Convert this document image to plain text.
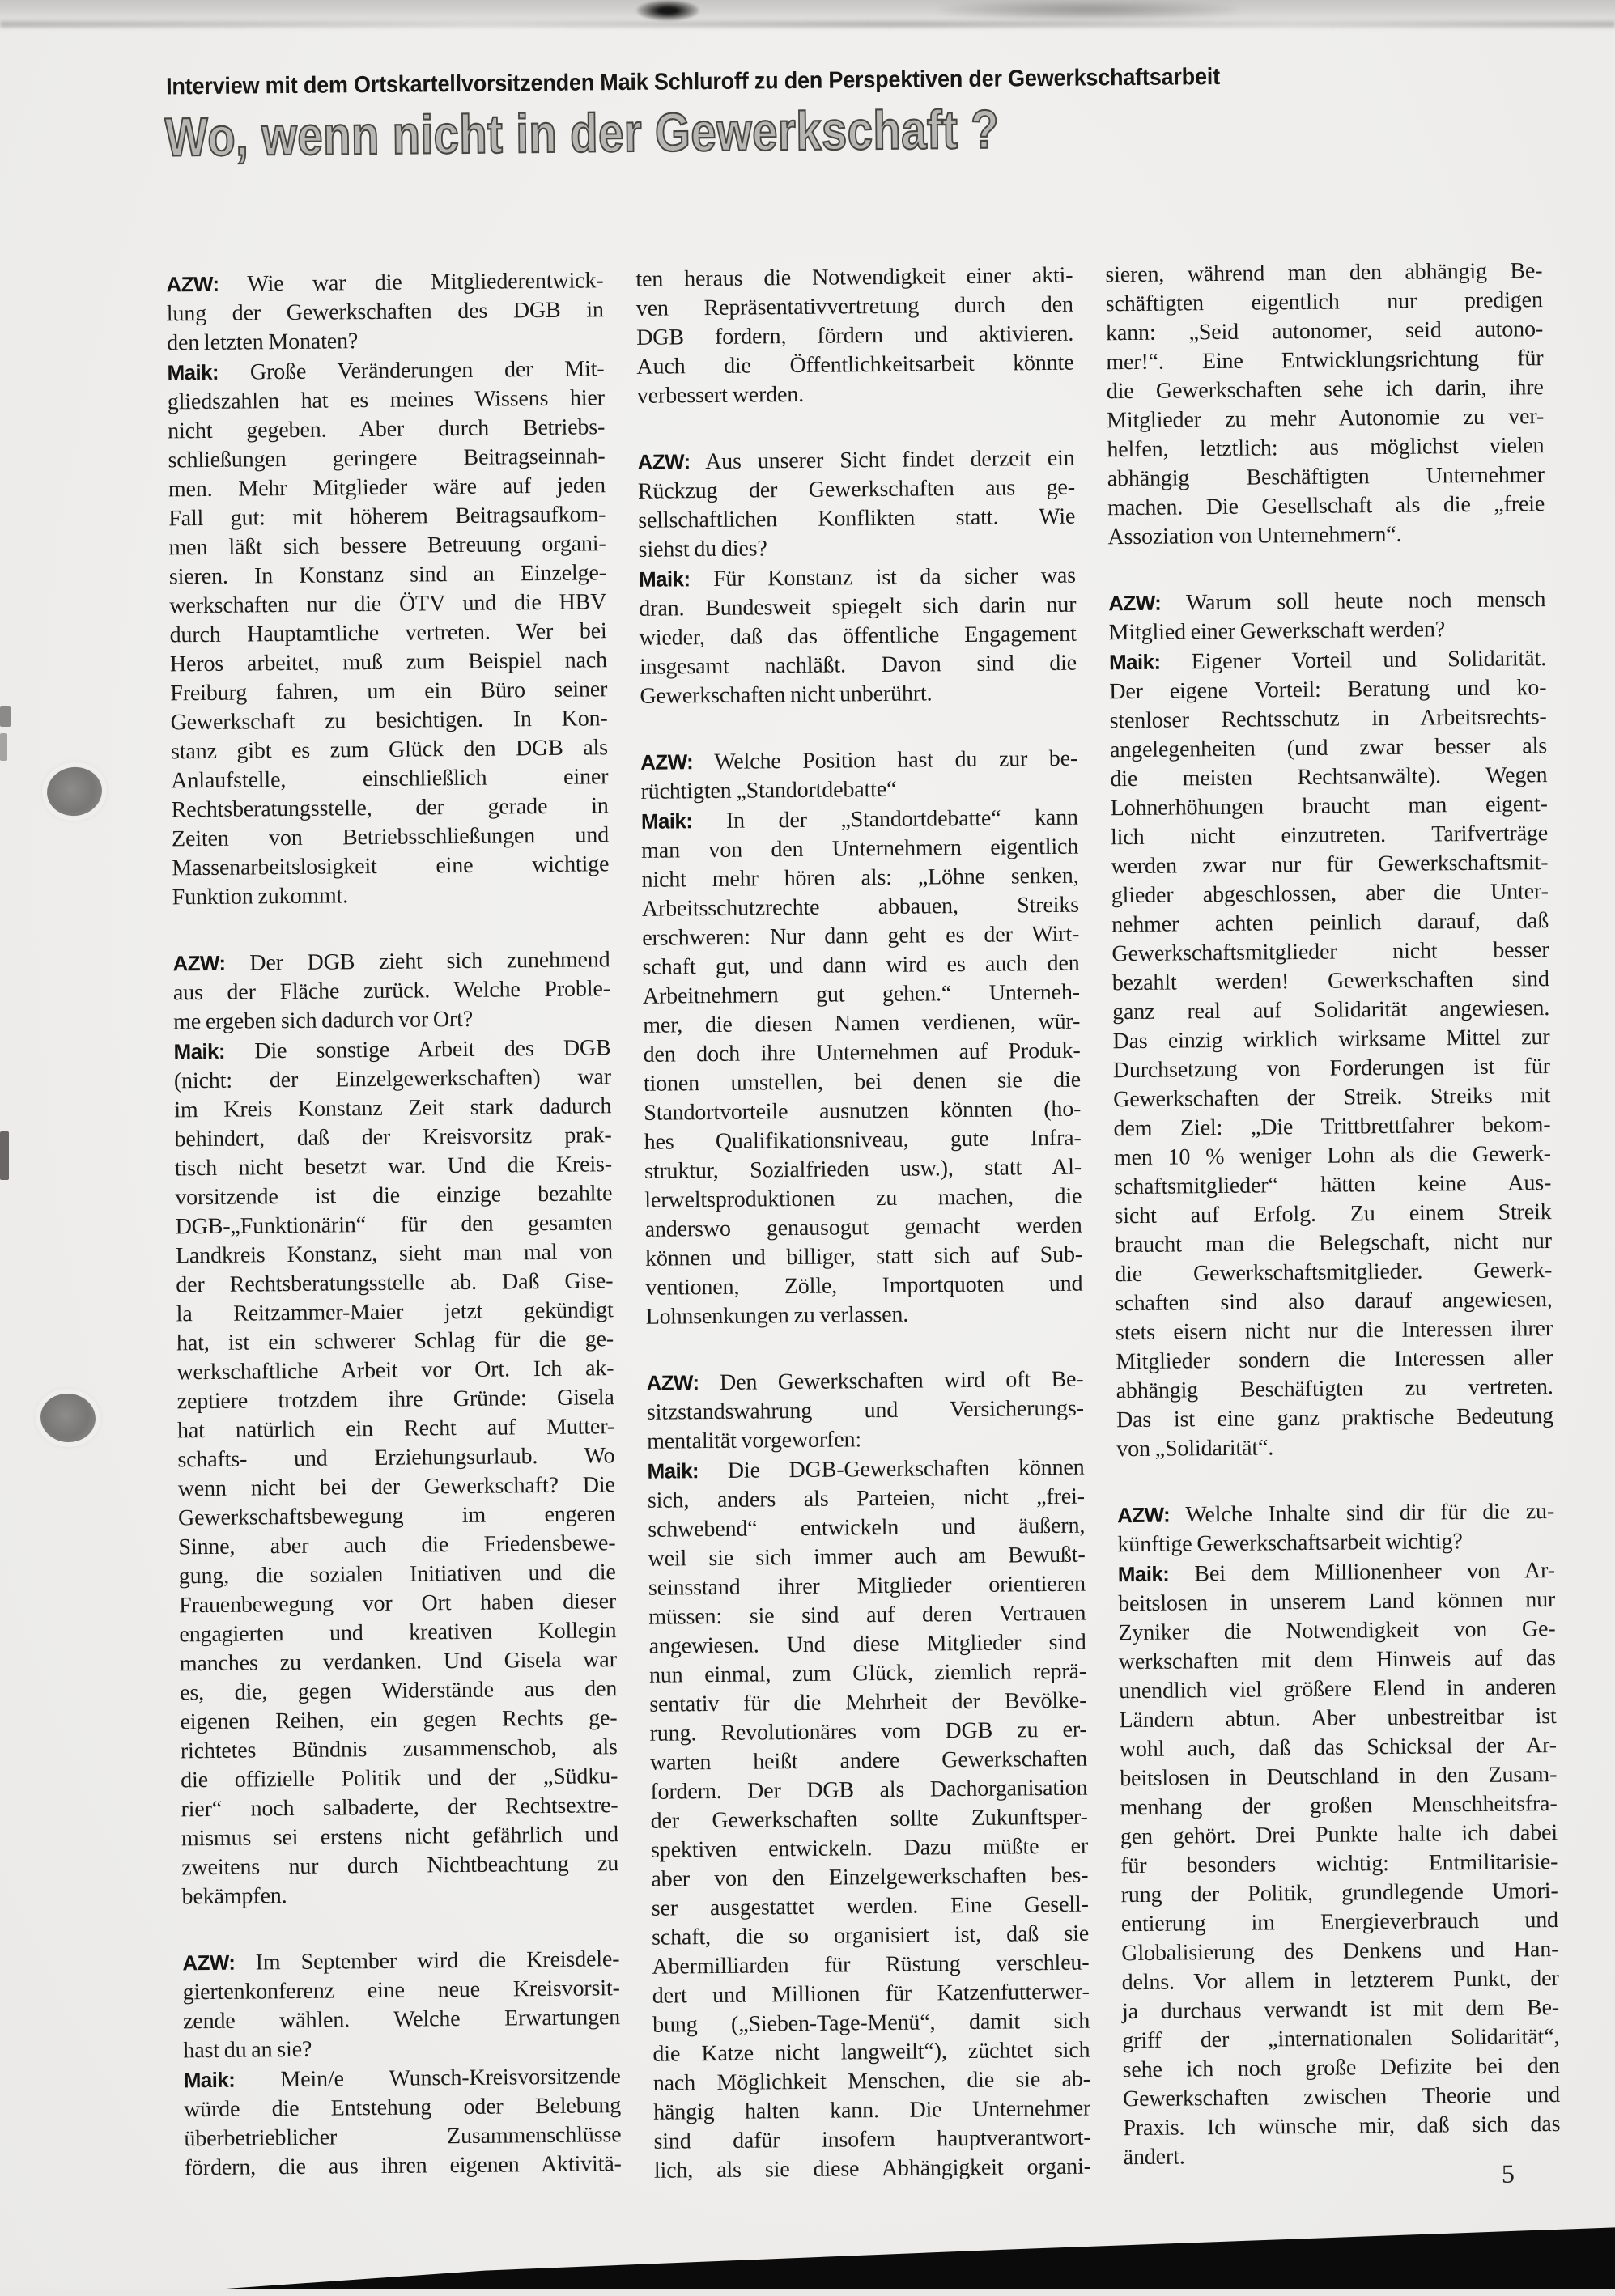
Interview mit dem Ortskartellvorsitzenden Maik Schluroff zu den Perspektiven der Gewerkschaftsarbeit
Wo, wenn nicht in der Gewerkschaft ?
AZW: Wie war die Mitgliederentwick-
lung der Gewerkschaften des DGB in
den letzten Monaten?
Maik: Große Veränderungen der Mit-
gliedszahlen hat es meines Wissens hier
nicht gegeben. Aber durch Betriebs-
schließungen geringere Beitragseinnah-
men. Mehr Mitglieder wäre auf jeden
Fall gut: mit höherem Beitragsaufkom-
men läßt sich bessere Betreuung organi-
sieren. In Konstanz sind an Einzelge-
werkschaften nur die ÖTV und die HBV
durch Hauptamtliche vertreten. Wer bei
Heros arbeitet, muß zum Beispiel nach
Freiburg fahren, um ein Büro seiner
Gewerkschaft zu besichtigen. In Kon-
stanz gibt es zum Glück den DGB als
Anlaufstelle, einschließlich einer
Rechtsberatungsstelle, der gerade in
Zeiten von Betriebsschließungen und
Massenarbeitslosigkeit eine wichtige
Funktion zukommt.
AZW: Der DGB zieht sich zunehmend
aus der Fläche zurück. Welche Proble-
me ergeben sich dadurch vor Ort?
Maik: Die sonstige Arbeit des DGB
(nicht: der Einzelgewerkschaften) war
im Kreis Konstanz Zeit stark dadurch
behindert, daß der Kreisvorsitz prak-
tisch nicht besetzt war. Und die Kreis-
vorsitzende ist die einzige bezahlte
DGB-„Funktionärin“ für den gesamten
Landkreis Konstanz, sieht man mal von
der Rechtsberatungsstelle ab. Daß Gise-
la Reitzammer-Maier jetzt gekündigt
hat, ist ein schwerer Schlag für die ge-
werkschaftliche Arbeit vor Ort. Ich ak-
zeptiere trotzdem ihre Gründe: Gisela
hat natürlich ein Recht auf Mutter-
schafts- und Erziehungsurlaub. Wo
wenn nicht bei der Gewerkschaft? Die
Gewerkschaftsbewegung im engeren
Sinne, aber auch die Friedensbewe-
gung, die sozialen Initiativen und die
Frauenbewegung vor Ort haben dieser
engagierten und kreativen Kollegin
manches zu verdanken. Und Gisela war
es, die, gegen Widerstände aus den
eigenen Reihen, ein gegen Rechts ge-
richtetes Bündnis zusammenschob, als
die offizielle Politik und der „Südku-
rier“ noch salbaderte, der Rechtsextre-
mismus sei erstens nicht gefährlich und
zweitens nur durch Nichtbeachtung zu
bekämpfen.
AZW: Im September wird die Kreisdele-
giertenkonferenz eine neue Kreisvorsit-
zende wählen. Welche Erwartungen
hast du an sie?
Maik: Mein/e Wunsch-Kreisvorsitzende
würde die Entstehung oder Belebung
überbetrieblicher Zusammenschlüsse
fördern, die aus ihren eigenen Aktivitä-
ten heraus die Notwendigkeit einer akti-
ven Repräsentativvertretung durch den
DGB fordern, fördern und aktivieren.
Auch die Öffentlichkeitsarbeit könnte
verbessert werden.
AZW: Aus unserer Sicht findet derzeit ein
Rückzug der Gewerkschaften aus ge-
sellschaftlichen Konflikten statt. Wie
siehst du dies?
Maik: Für Konstanz ist da sicher was
dran. Bundesweit spiegelt sich darin nur
wieder, daß das öffentliche Engagement
insgesamt nachläßt. Davon sind die
Gewerkschaften nicht unberührt.
AZW: Welche Position hast du zur be-
rüchtigten „Standortdebatte“
Maik: In der „Standortdebatte“ kann
man von den Unternehmern eigentlich
nicht mehr hören als: „Löhne senken,
Arbeitsschutzrechte abbauen, Streiks
erschweren: Nur dann geht es der Wirt-
schaft gut, und dann wird es auch den
Arbeitnehmern gut gehen.“ Unterneh-
mer, die diesen Namen verdienen, wür-
den doch ihre Unternehmen auf Produk-
tionen umstellen, bei denen sie die
Standortvorteile ausnutzen könnten (ho-
hes Qualifikationsniveau, gute Infra-
struktur, Sozialfrieden usw.), statt Al-
lerweltsproduktionen zu machen, die
anderswo genausogut gemacht werden
können und billiger, statt sich auf Sub-
ventionen, Zölle, Importquoten und
Lohnsenkungen zu verlassen.
AZW: Den Gewerkschaften wird oft Be-
sitzstandswahrung und Versicherungs-
mentalität vorgeworfen:
Maik: Die DGB-Gewerkschaften können
sich, anders als Parteien, nicht „frei-
schwebend“ entwickeln und äußern,
weil sie sich immer auch am Bewußt-
seinsstand ihrer Mitglieder orientieren
müssen: sie sind auf deren Vertrauen
angewiesen. Und diese Mitglieder sind
nun einmal, zum Glück, ziemlich reprä-
sentativ für die Mehrheit der Bevölke-
rung. Revolutionäres vom DGB zu er-
warten heißt andere Gewerkschaften
fordern. Der DGB als Dachorganisation
der Gewerkschaften sollte Zukunftsper-
spektiven entwickeln. Dazu müßte er
aber von den Einzelgewerkschaften bes-
ser ausgestattet werden. Eine Gesell-
schaft, die so organisiert ist, daß sie
Abermilliarden für Rüstung verschleu-
dert und Millionen für Katzenfutterwer-
bung („Sieben-Tage-Menü“, damit sich
die Katze nicht langweilt“), züchtet sich
nach Möglichkeit Menschen, die sie ab-
hängig halten kann. Die Unternehmer
sind dafür insofern hauptverantwort-
lich, als sie diese Abhängigkeit organi-
sieren, während man den abhängig Be-
schäftigten eigentlich nur predigen
kann: „Seid autonomer, seid autono-
mer!“. Eine Entwicklungsrichtung für
die Gewerkschaften sehe ich darin, ihre
Mitglieder zu mehr Autonomie zu ver-
helfen, letztlich: aus möglichst vielen
abhängig Beschäftigten Unternehmer
machen. Die Gesellschaft als die „freie
Assoziation von Unternehmern“.
AZW: Warum soll heute noch mensch
Mitglied einer Gewerkschaft werden?
Maik: Eigener Vorteil und Solidarität.
Der eigene Vorteil: Beratung und ko-
stenloser Rechtsschutz in Arbeitsrechts-
angelegenheiten (und zwar besser als
die meisten Rechtsanwälte). Wegen
Lohnerhöhungen braucht man eigent-
lich nicht einzutreten. Tarifverträge
werden zwar nur für Gewerkschaftsmit-
glieder abgeschlossen, aber die Unter-
nehmer achten peinlich darauf, daß
Gewerkschaftsmitglieder nicht besser
bezahlt werden! Gewerkschaften sind
ganz real auf Solidarität angewiesen.
Das einzig wirklich wirksame Mittel zur
Durchsetzung von Forderungen ist für
Gewerkschaften der Streik. Streiks mit
dem Ziel: „Die Trittbrettfahrer bekom-
men 10 % weniger Lohn als die Gewerk-
schaftsmitglieder“ hätten keine Aus-
sicht auf Erfolg. Zu einem Streik
braucht man die Belegschaft, nicht nur
die Gewerkschaftsmitglieder. Gewerk-
schaften sind also darauf angewiesen,
stets eisern nicht nur die Interessen ihrer
Mitglieder sondern die Interessen aller
abhängig Beschäftigten zu vertreten.
Das ist eine ganz praktische Bedeutung
von „Solidarität“.
AZW: Welche Inhalte sind dir für die zu-
künftige Gewerkschaftsarbeit wichtig?
Maik: Bei dem Millionenheer von Ar-
beitslosen in unserem Land können nur
Zyniker die Notwendigkeit von Ge-
werkschaften mit dem Hinweis auf das
unendlich viel größere Elend in anderen
Ländern abtun. Aber unbestreitbar ist
wohl auch, daß das Schicksal der Ar-
beitslosen in Deutschland in den Zusam-
menhang der großen Menschheitsfra-
gen gehört. Drei Punkte halte ich dabei
für besonders wichtig: Entmilitarisie-
rung der Politik, grundlegende Umori-
entierung im Energieverbrauch und
Globalisierung des Denkens und Han-
delns. Vor allem in letzterem Punkt, der
ja durchaus verwandt ist mit dem Be-
griff der „internationalen Solidarität“,
sehe ich noch große Defizite bei den
Gewerkschaften zwischen Theorie und
Praxis. Ich wünsche mir, daß sich das
ändert.
5
